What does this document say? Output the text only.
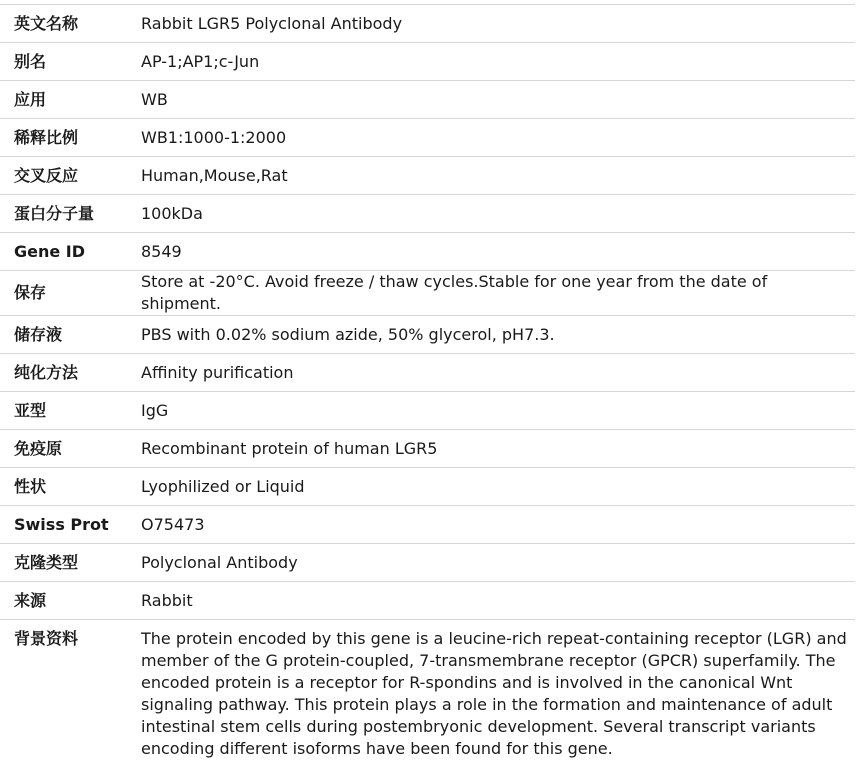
英文名称	Rabbit LGR5 Polyclonal Antibody
别名	AP-1;AP1;c-Jun
应用	WB
稀释比例	WB1:1000-1:2000
交叉反应	Human,Mouse,Rat
蛋白分子量	100kDa
Gene ID	8549
保存	Store at -20°C. Avoid freeze / thaw cycles.Stable for one year from the date of shipment.
储存液	PBS with 0.02% sodium azide, 50% glycerol, pH7.3.
纯化方法	Affinity purification
亚型	IgG
免疫原	Recombinant protein of human LGR5
性状	Lyophilized or Liquid
Swiss Prot	O75473
克隆类型	Polyclonal Antibody
来源	Rabbit
背景资料	The protein encoded by this gene is a leucine-rich repeat-containing receptor (LGR) and member of the G protein-coupled, 7-transmembrane receptor (GPCR) superfamily. The encoded protein is a receptor for R-spondins and is involved in the canonical Wnt signaling pathway. This protein plays a role in the formation and maintenance of adult intestinal stem cells during postembryonic development. Several transcript variants encoding different isoforms have been found for this gene.
